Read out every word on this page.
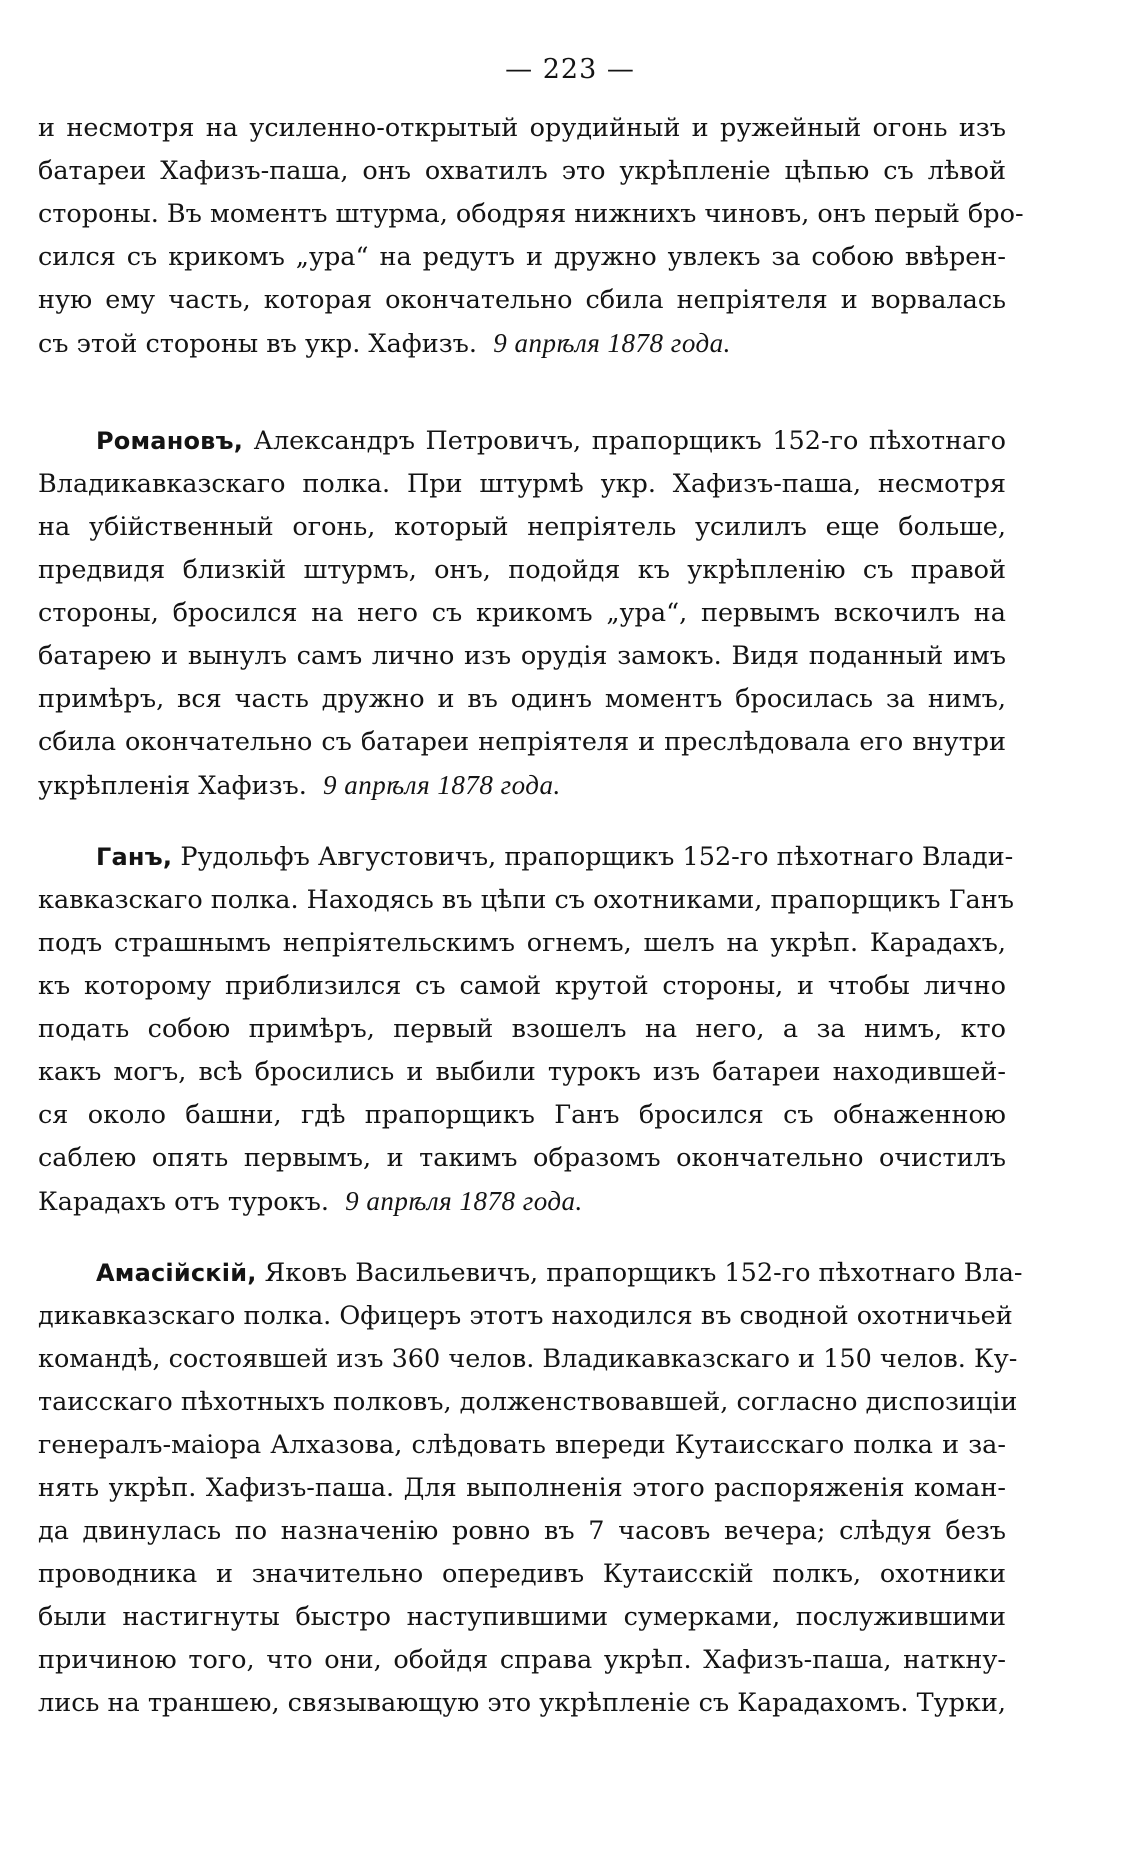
— 223 —
и несмотря на усиленно-открытый орудийный и ружейный огонь изъ
батареи Хафизъ-паша, онъ охватилъ это укрѣпленіе цѣпью съ лѣвой
стороны. Въ моментъ штурма, ободряя нижнихъ чиновъ, онъ перый бро-
сился съ крикомъ „ура“ на редутъ и дружно увлекъ за собою ввѣрен-
ную ему часть, которая окончательно сбила непріятеля и ворвалась
съ этой стороны въ укр. Хафизъ. 9 апрѣля 1878 года.
Романовъ, Александръ Петровичъ, прапорщикъ 152-го пѣхотнаго
Владикавказскаго полка. При штурмѣ укр. Хафизъ-паша, несмотря
на убійственный огонь, который непріятель усилилъ еще больше,
предвидя близкій штурмъ, онъ, подойдя къ укрѣпленію съ правой
стороны, бросился на него съ крикомъ „ура“, первымъ вскочилъ на
батарею и вынулъ самъ лично изъ орудія замокъ. Видя поданный имъ
примѣръ, вся часть дружно и въ одинъ моментъ бросилась за нимъ,
сбила окончательно съ батареи непріятеля и преслѣдовала его внутри
укрѣпленія Хафизъ. 9 апрѣля 1878 года.
Ганъ, Рудольфъ Августовичъ, прапорщикъ 152-го пѣхотнаго Влади-
кавказскаго полка. Находясь въ цѣпи съ охотниками, прапорщикъ Ганъ
подъ страшнымъ непріятельскимъ огнемъ, шелъ на укрѣп. Карадахъ,
къ которому приблизился съ самой крутой стороны, и чтобы лично
подать собою примѣръ, первый взошелъ на него, а за нимъ, кто
какъ могъ, всѣ бросились и выбили турокъ изъ батареи находившей-
ся около башни, гдѣ прапорщикъ Ганъ бросился съ обнаженною
саблею опять первымъ, и такимъ образомъ окончательно очистилъ
Карадахъ отъ турокъ. 9 апрѣля 1878 года.
Амасійскій, Яковъ Васильевичъ, прапорщикъ 152-го пѣхотнаго Вла-
дикавказскаго полка. Офицеръ этотъ находился въ сводной охотничьей
командѣ, состоявшей изъ 360 челов. Владикавказскаго и 150 челов. Ку-
таисскаго пѣхотныхъ полковъ, долженствовавшей, согласно диспозиціи
генералъ-маіора Алхазова, слѣдовать впереди Кутаисскаго полка и за-
нять укрѣп. Хафизъ-паша. Для выполненія этого распоряженія коман-
да двинулась по назначенію ровно въ 7 часовъ вечера; слѣдуя безъ
проводника и значительно опередивъ Кутаисскій полкъ, охотники
были настигнуты быстро наступившими сумерками, послужившими
причиною того, что они, обойдя справа укрѣп. Хафизъ-паша, наткну-
лись на траншею, связывающую это укрѣпленіе съ Карадахомъ. Турки,
